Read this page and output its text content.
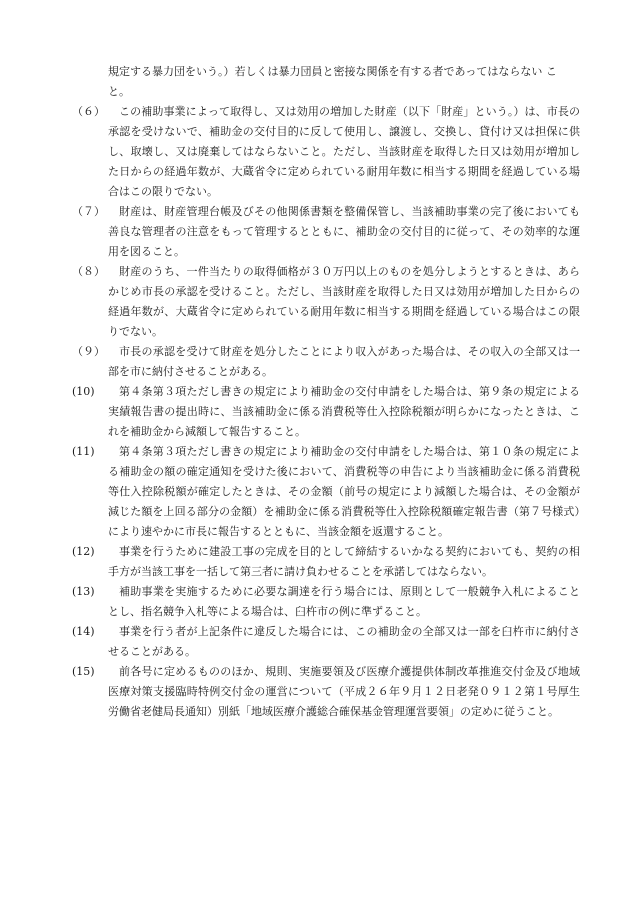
規定する暴力団をいう。）若しくは暴力団員と密接な関係を有する者であってはならない こと。
（６）	この補助事業によって取得し、又は効用の増加した財産（以下「財産」という。）は、市長の承認を受けないで、補助金の交付目的に反して使用し、譲渡し、交換し、貸付け又は担保に供し、取壊し、又は廃棄してはならないこと。ただし、当該財産を取得した日又は効用が増加した日からの経過年数が、大蔵省令に定められている耐用年数に相当する期間を経過している場合はこの限りでない。
（７）	財産は、財産管理台帳及びその他関係書類を整備保管し、当該補助事業の完了後においても善良な管理者の注意をもって管理するとともに、補助金の交付目的に従って、その効率的な運用を図ること。
（８）	財産のうち、一件当たりの取得価格が３０万円以上のものを処分しようとするときは、あらかじめ市長の承認を受けること。ただし、当該財産を取得した日又は効用が増加した日からの経過年数が、大蔵省令に定められている耐用年数に相当する期間を経過している場合はこの限りでない。
（９）	市長の承認を受けて財産を処分したことにより収入があった場合は、その収入の全部又は一部を市に納付させることがある。
(10)	第４条第３項ただし書きの規定により補助金の交付申請をした場合は、第９条の規定による実績報告書の提出時に、当該補助金に係る消費税等仕入控除税額が明らかになったときは、これを補助金から減額して報告すること。
(11)	第４条第３項ただし書きの規定により補助金の交付申請をした場合は、第１０条の規定による補助金の額の確定通知を受けた後において、消費税等の申告により当該補助金に係る消費税等仕入控除税額が確定したときは、その金額（前号の規定により減額した場合は、その金額が減じた額を上回る部分の金額）を補助金に係る消費税等仕入控除税額確定報告書（第７号様式）により速やかに市長に報告するとともに、当該金額を返還すること。
(12)	事業を行うために建設工事の完成を目的として締結するいかなる契約においても、契約の相手方が当該工事を一括して第三者に請け負わせることを承諾してはならない。
(13)	補助事業を実施するために必要な調達を行う場合には、原則として一般競争入札によることとし、指名競争入札等による場合は、臼杵市の例に準ずること。
(14)	事業を行う者が上記条件に違反した場合には、この補助金の全部又は一部を臼杵市に納付させることがある。
(15)	前各号に定めるもののほか、規則、実施要領及び医療介護提供体制改革推進交付金及び地域医療対策支援臨時特例交付金の運営について（平成２６年９月１２日老発０９１２第１号厚生労働省老健局長通知）別紙「地域医療介護総合確保基金管理運営要領」の定めに従うこと。
